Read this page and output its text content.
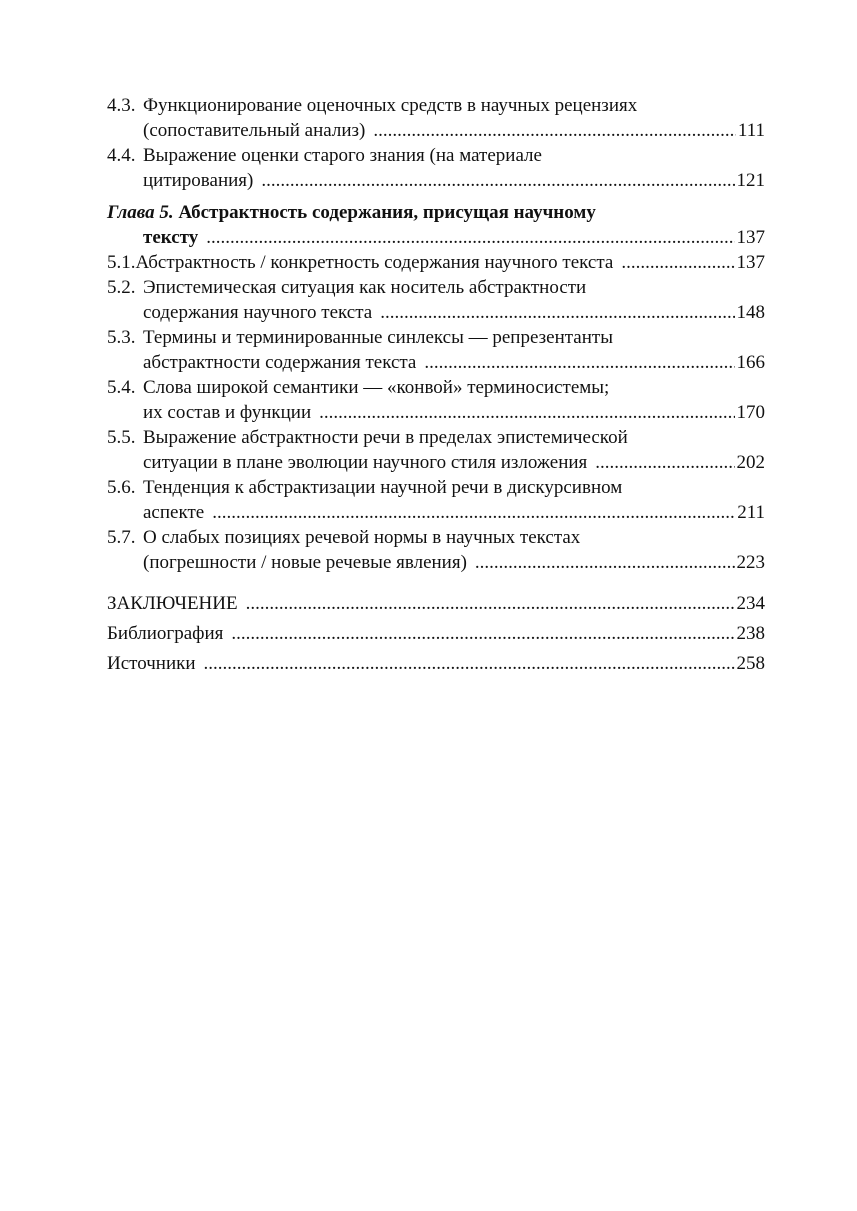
4.3. Функционирование оценочных средств в научных рецензиях
(сопоставительный анализ) .....	111
4.4. Выражение оценки старого знания (на материале
цитирования) .....	121
Глава 5. Абстрактность содержания, присущая научному
тексту .....	137
5.1. Абстрактность / конкретность содержания научного текста .....	137
5.2. Эпистемическая ситуация как носитель абстрактности
содержания научного текста .....	148
5.3. Термины и терминированные синлексы — репрезентанты
абстрактности содержания текста .....	166
5.4. Слова широкой семантики — «конвой» терминосистемы;
их состав и функции .....	170
5.5. Выражение абстрактности речи в пределах эпистемической
ситуации в плане эволюции научного стиля изложения .....	202
5.6. Тенденция к абстрактизации научной речи в дискурсивном
аспекте .....	211
5.7. О слабых позициях речевой нормы в научных текстах
(погрешности / новые речевые явления) .....	223
ЗАКЛЮЧЕНИЕ .....	234
Библиография .....	238
Источники .....	258
